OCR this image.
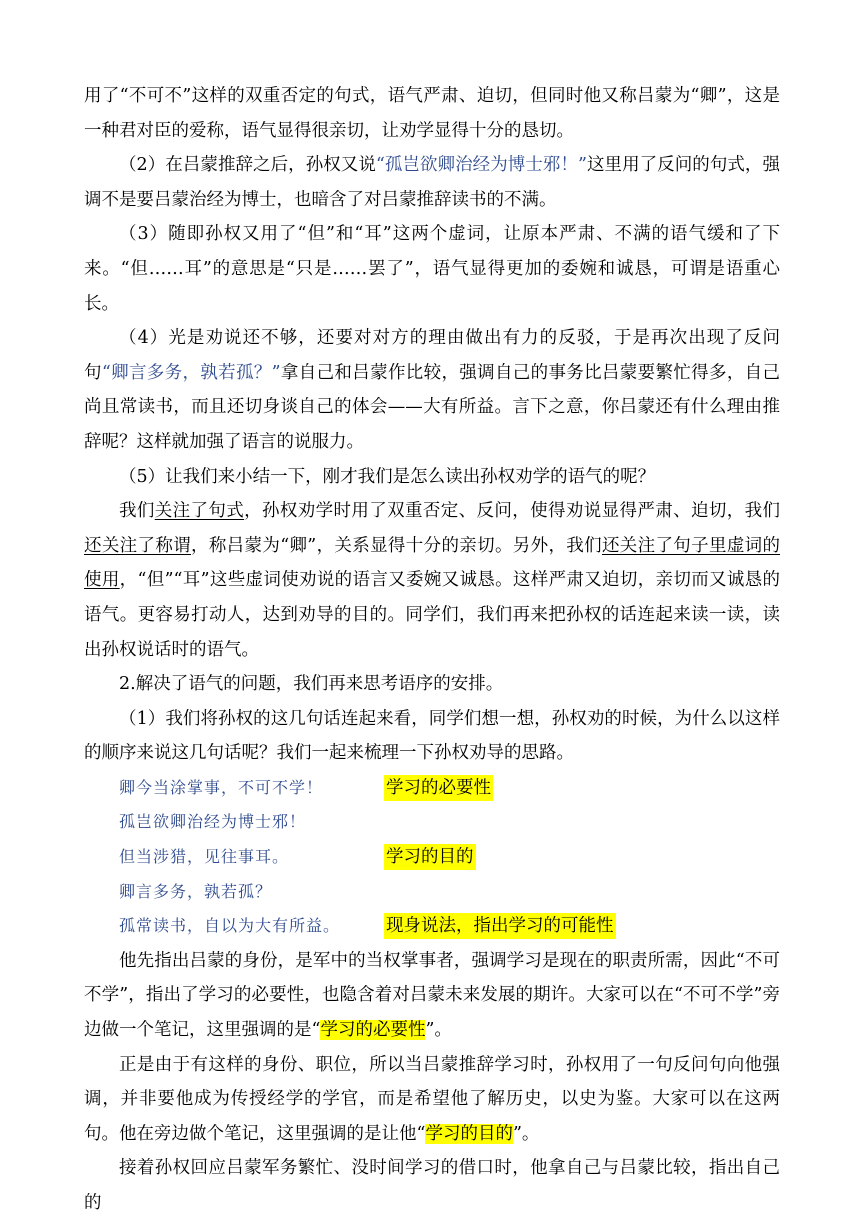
用了“不可不”这样的双重否定的句式，语气严肃、迫切，但同时他又称吕蒙为“卿”，这是一种君对臣的爱称，语气显得很亲切，让劝学显得十分的恳切。

（2）在吕蒙推辞之后，孙权又说“孤岂欲卿治经为博士邪！”这里用了反问的句式，强调不是要吕蒙治经为博士，也暗含了对吕蒙推辞读书的不满。

（3）随即孙权又用了“但”和“耳”这两个虚词，让原本严肃、不满的语气缓和了下来。“但……耳”的意思是“只是……罢了”，语气显得更加的委婉和诚恳，可谓是语重心长。

（4）光是劝说还不够，还要对对方的理由做出有力的反驳，于是再次出现了反问句“卿言多务，孰若孤？”拿自己和吕蒙作比较，强调自己的事务比吕蒙要繁忙得多，自己尚且常读书，而且还切身谈自己的体会——大有所益。言下之意，你吕蒙还有什么理由推辞呢？这样就加强了语言的说服力。

（5）让我们来小结一下，刚才我们是怎么读出孙权劝学的语气的呢？

我们关注了句式，孙权劝学时用了双重否定、反问，使得劝说显得严肃、迫切，我们还关注了称谓，称吕蒙为“卿”，关系显得十分的亲切。另外，我们还关注了句子里虚词的使用，“但”“耳”这些虚词使劝说的语言又委婉又诚恳。这样严肃又迫切，亲切而又诚恳的语气。更容易打动人，达到劝导的目的。同学们，我们再来把孙权的话连起来读一读，读出孙权说话时的语气。

2.解决了语气的问题，我们再来思考语序的安排。

（1）我们将孙权的这几句话连起来看，同学们想一想，孙权劝的时候，为什么以这样的顺序来说这几句话呢？我们一起来梳理一下孙权劝导的思路。

卿今当涂掌事，不可不学！	学习的必要性
孤岂欲卿治经为博士邪！
但当涉猎，见往事耳。	学习的目的
卿言多务，孰若孤？
孤常读书，自以为大有所益。	现身说法，指出学习的可能性

他先指出吕蒙的身份，是军中的当权掌事者，强调学习是现在的职责所需，因此“不可不学”，指出了学习的必要性，也隐含着对吕蒙未来发展的期许。大家可以在“不可不学”旁边做一个笔记，这里强调的是“学习的必要性”。

正是由于有这样的身份、职位，所以当吕蒙推辞学习时，孙权用了一句反问句向他强调，并非要他成为传授经学的学官，而是希望他了解历史，以史为鉴。大家可以在这两句。他在旁边做个笔记，这里强调的是让他“学习的目的”。

接着孙权回应吕蒙军务繁忙、没时间学习的借口时，他拿自己与吕蒙比较，指出自己的
